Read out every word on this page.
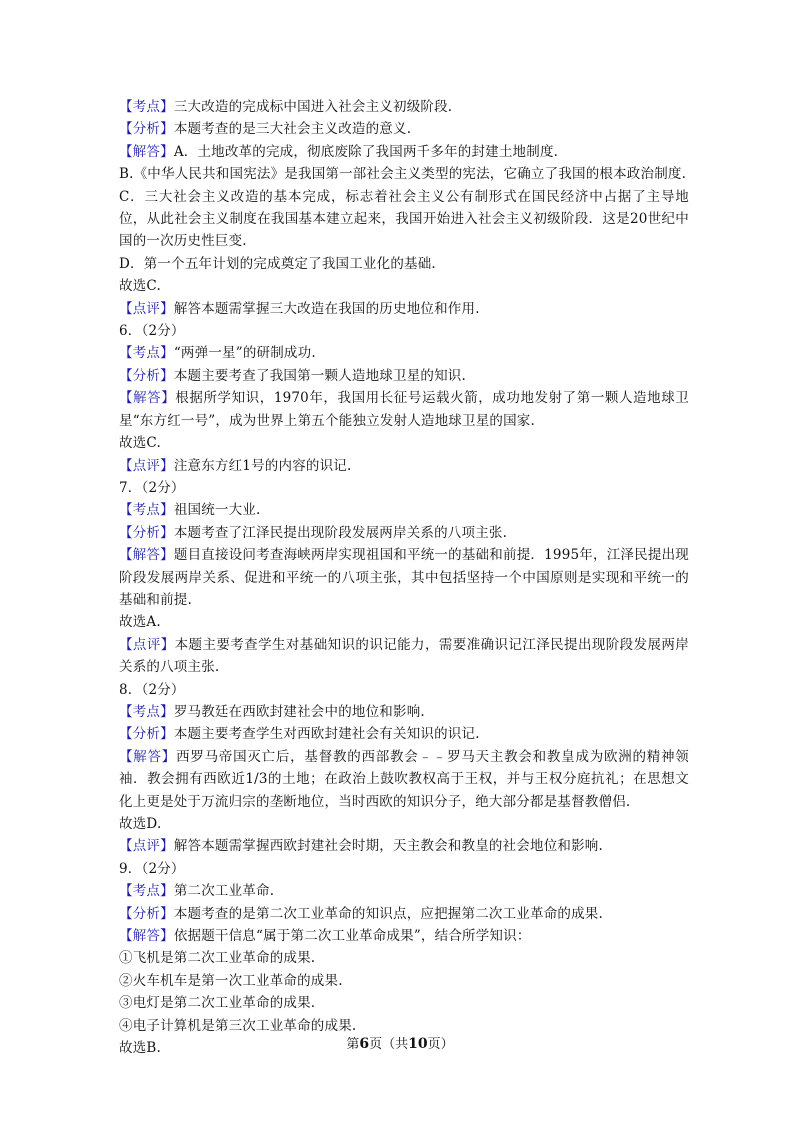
【考点】三大改造的完成标中国进入社会主义初级阶段.
【分析】本题考查的是三大社会主义改造的意义.
【解答】A．土地改革的完成，彻底废除了我国两千多年的封建土地制度.
B.《中华人民共和国宪法》是我国第一部社会主义类型的宪法，它确立了我国的根本政治制度.
C．三大社会主义改造的基本完成，标志着社会主义公有制形式在国民经济中占据了主导地位，从此社会主义制度在我国基本建立起来，我国开始进入社会主义初级阶段．这是20世纪中国的一次历史性巨变.
D．第一个五年计划的完成奠定了我国工业化的基础.
故选C.
【点评】解答本题需掌握三大改造在我国的历史地位和作用.
6．（2分）
【考点】“两弹一星”的研制成功.
【分析】本题主要考查了我国第一颗人造地球卫星的知识.
【解答】根据所学知识，1970年，我国用长征号运载火箭，成功地发射了第一颗人造地球卫星“东方红一号”，成为世界上第五个能独立发射人造地球卫星的国家.
故选C.
【点评】注意东方红1号的内容的识记.
7．（2分）
【考点】祖国统一大业.
【分析】本题考查了江泽民提出现阶段发展两岸关系的八项主张.
【解答】题目直接设问考查海峡两岸实现祖国和平统一的基础和前提．1995年，江泽民提出现阶段发展两岸关系、促进和平统一的八项主张，其中包括坚持一个中国原则是实现和平统一的基础和前提.
故选A.
【点评】本题主要考查学生对基础知识的识记能力，需要准确识记江泽民提出现阶段发展两岸关系的八项主张.
8．（2分）
【考点】罗马教廷在西欧封建社会中的地位和影响.
【分析】本题主要考查学生对西欧封建社会有关知识的识记.
【解答】西罗马帝国灭亡后，基督教的西部教会﹣﹣罗马天主教会和教皇成为欧洲的精神领袖．教会拥有西欧近1/3的土地；在政治上鼓吹教权高于王权，并与王权分庭抗礼；在思想文化上更是处于万流归宗的垄断地位，当时西欧的知识分子，绝大部分都是基督教僧侣.
故选D.
【点评】解答本题需掌握西欧封建社会时期，天主教会和教皇的社会地位和影响.
9．（2分）
【考点】第二次工业革命.
【分析】本题考查的是第二次工业革命的知识点，应把握第二次工业革命的成果.
【解答】依据题干信息“属于第二次工业革命成果”，结合所学知识：
①飞机是第二次工业革命的成果.
②火车机车是第一次工业革命的成果.
③电灯是第二次工业革命的成果.
④电子计算机是第三次工业革命的成果.
故选B.	第6页（共10页）
